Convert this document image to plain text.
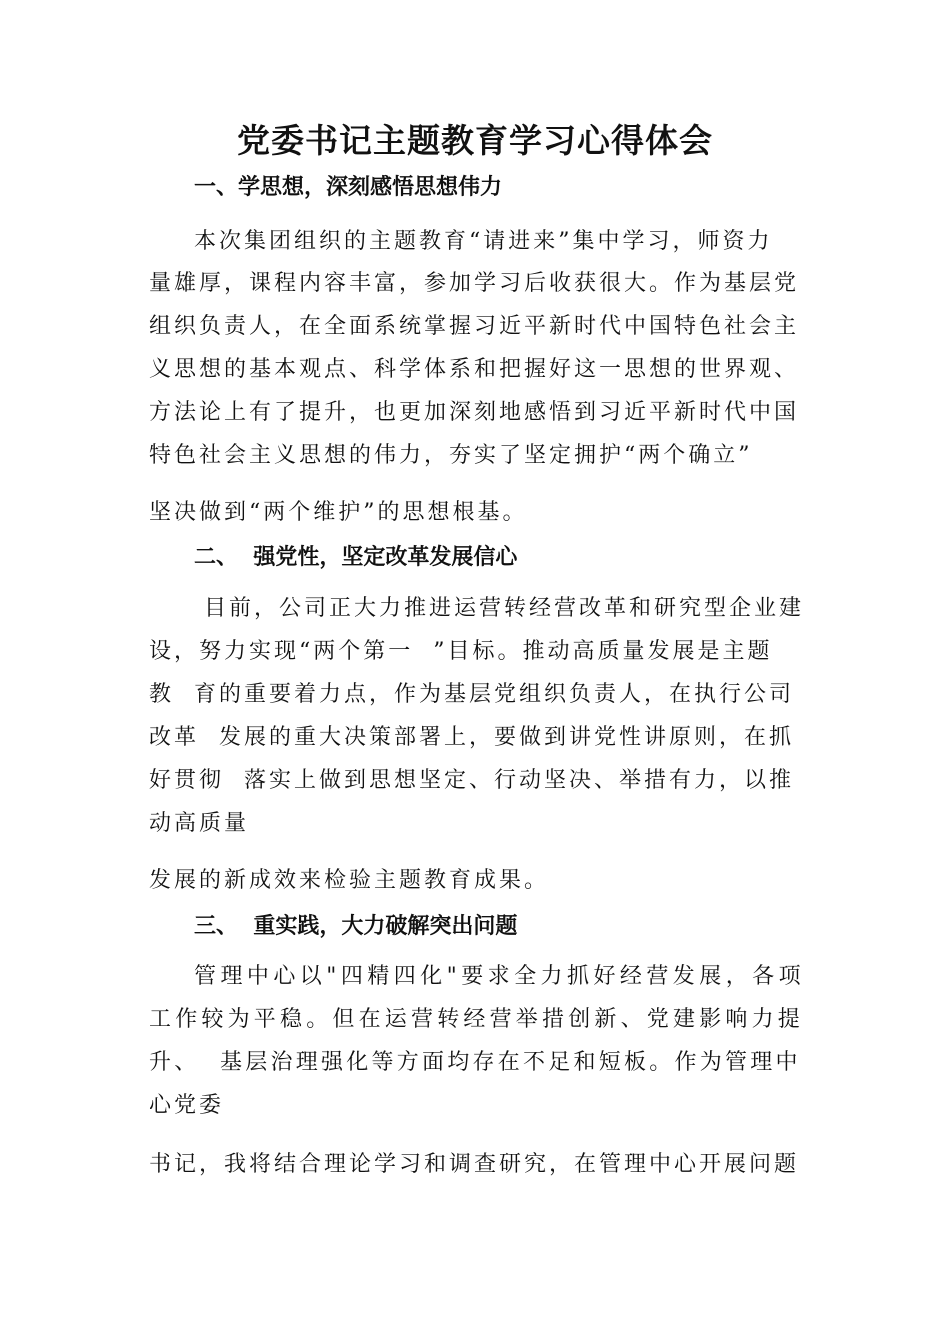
党委书记主题教育学习心得体会
一、学思想，深刻感悟思想伟力
本次集团组织的主题教育“请进来”集中学习，师资力
量雄厚，课程内容丰富，参加学习后收获很大。作为基层党
组织负责人，在全面系统掌握习近平新时代中国特色社会主
义思想的基本观点、科学体系和把握好这一思想的世界观、
方法论上有了提升，也更加深刻地感悟到习近平新时代中国
特色社会主义思想的伟力，夯实了坚定拥护“两个确立”
坚决做到“两个维护”的思想根基。
二、  强党性，坚定改革发展信心
目前，公司正大力推进运营转经营改革和研究型企业建
设，努力实现“两个第一  ”目标。推动高质量发展是主题
教  育的重要着力点，作为基层党组织负责人，在执行公司
改革  发展的重大决策部署上，要做到讲党性讲原则，在抓
好贯彻  落实上做到思想坚定、行动坚决、举措有力，以推
动高质量
发展的新成效来检验主题教育成果。
三、  重实践，大力破解突出问题
管理中心以"四精四化"要求全力抓好经营发展，各项
工作较为平稳。但在运营转经营举措创新、党建影响力提
升、  基层治理强化等方面均存在不足和短板。作为管理中
心党委
书记，我将结合理论学习和调查研究，在管理中心开展问题
